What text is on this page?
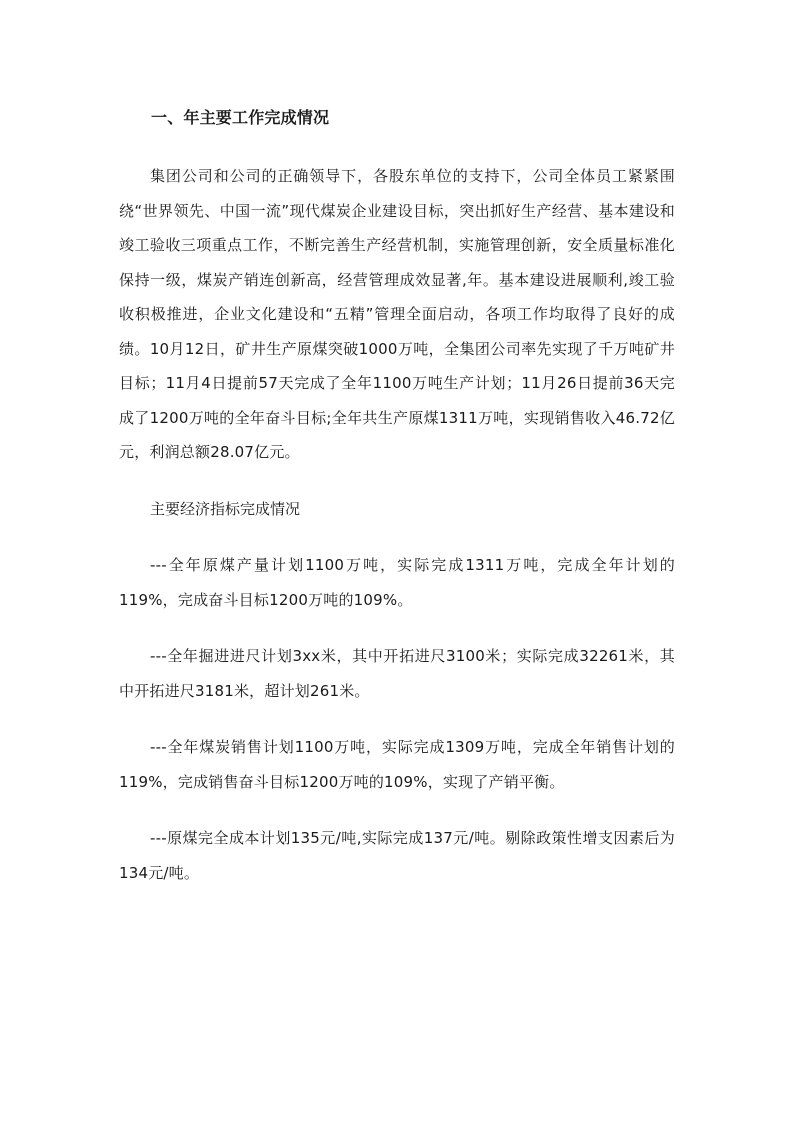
一、年主要工作完成情况

集团公司和公司的正确领导下，各股东单位的支持下，公司全体员工紧紧围绕“世界领先、中国一流”现代煤炭企业建设目标，突出抓好生产经营、基本建设和竣工验收三项重点工作，不断完善生产经营机制，实施管理创新，安全质量标准化保持一级，煤炭产销连创新高，经营管理成效显著,年。基本建设进展顺利,竣工验收积极推进，企业文化建设和“五精”管理全面启动，各项工作均取得了良好的成绩。10月12日，矿井生产原煤突破1000万吨，全集团公司率先实现了千万吨矿井目标；11月4日提前57天完成了全年1100万吨生产计划；11月26日提前36天完成了1200万吨的全年奋斗目标;全年共生产原煤1311万吨，实现销售收入46.72亿元，利润总额28.07亿元。

主要经济指标完成情况

---全年原煤产量计划1100万吨，实际完成1311万吨，完成全年计划的119%，完成奋斗目标1200万吨的109%。

---全年掘进进尺计划3xx米，其中开拓进尺3100米；实际完成32261米，其中开拓进尺3181米，超计划261米。

---全年煤炭销售计划1100万吨，实际完成1309万吨，完成全年销售计划的119%，完成销售奋斗目标1200万吨的109%，实现了产销平衡。

---原煤完全成本计划135元/吨,实际完成137元/吨。剔除政策性增支因素后为134元/吨。
